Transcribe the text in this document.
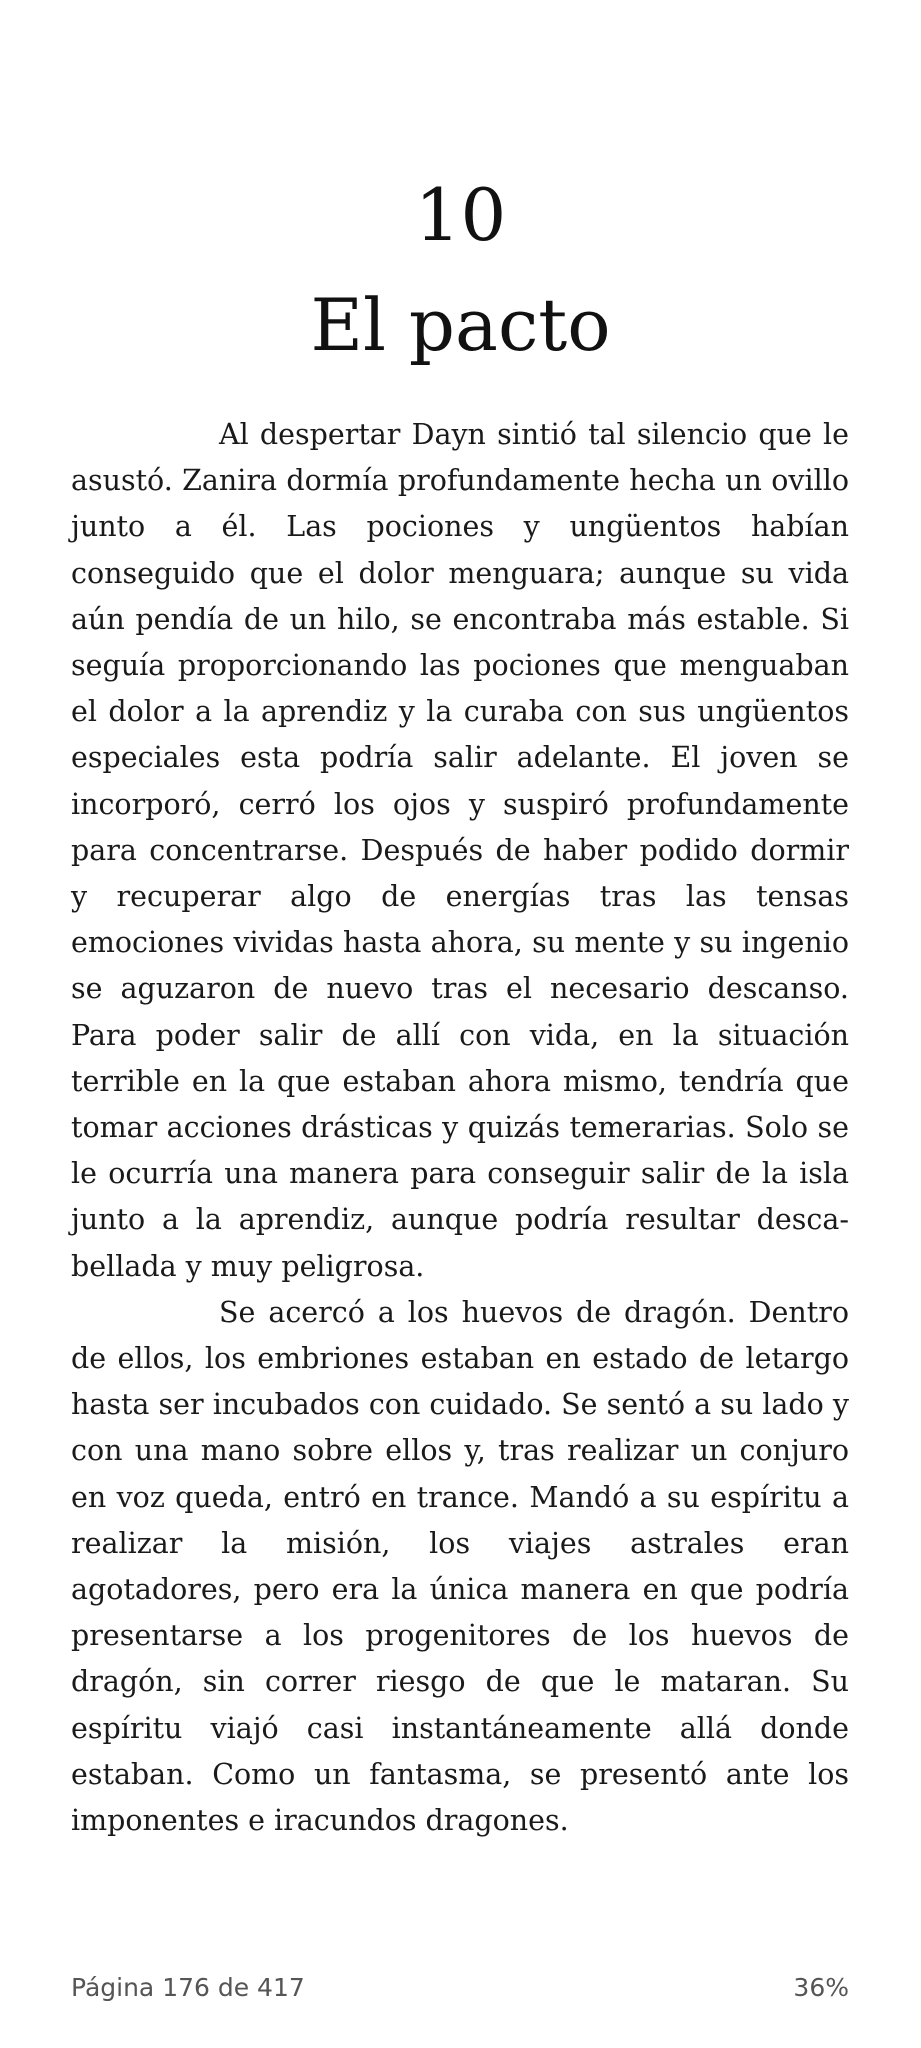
10
El pacto

Al despertar Dayn sintió tal silencio que le asustó. Zanira dormía profundamente hecha un ovillo junto a él. Las pociones y ungüentos habían conseguido que el dolor menguara; aunque su vida aún pendía de un hilo, se encontraba más estable. Si seguía proporcionando las pociones que menguaban el dolor a la aprendiz y la curaba con sus ungüentos especiales esta podría salir adelante. El joven se incorporó, cerró los ojos y suspiró profundamente para concentrarse. Después de haber podido dormir y recuperar algo de energías tras las tensas emociones vividas hasta ahora, su mente y su ingenio se aguzaron de nuevo tras el necesario descanso. Para poder salir de allí con vida, en la situación terrible en la que estaban ahora mismo, tendría que tomar acciones drásticas y quizás temerarias. Solo se le ocurría una manera para conseguir salir de la isla junto a la aprendiz, aunque podría resultar descabellada y muy peligrosa.

Se acercó a los huevos de dragón. Dentro de ellos, los embriones estaban en estado de letargo hasta ser incubados con cuidado. Se sentó a su lado y con una mano sobre ellos y, tras realizar un conjuro en voz queda, entró en trance. Mandó a su espíritu a realizar la misión, los viajes astrales eran agotadores, pero era la única manera en que podría presentarse a los progenitores de los huevos de dragón, sin correr riesgo de que le mataran. Su espíritu viajó casi instantáneamente allá donde estaban. Como un fantasma, se presentó ante los imponentes e iracundos dragones.

Página 176 de 417	36%
